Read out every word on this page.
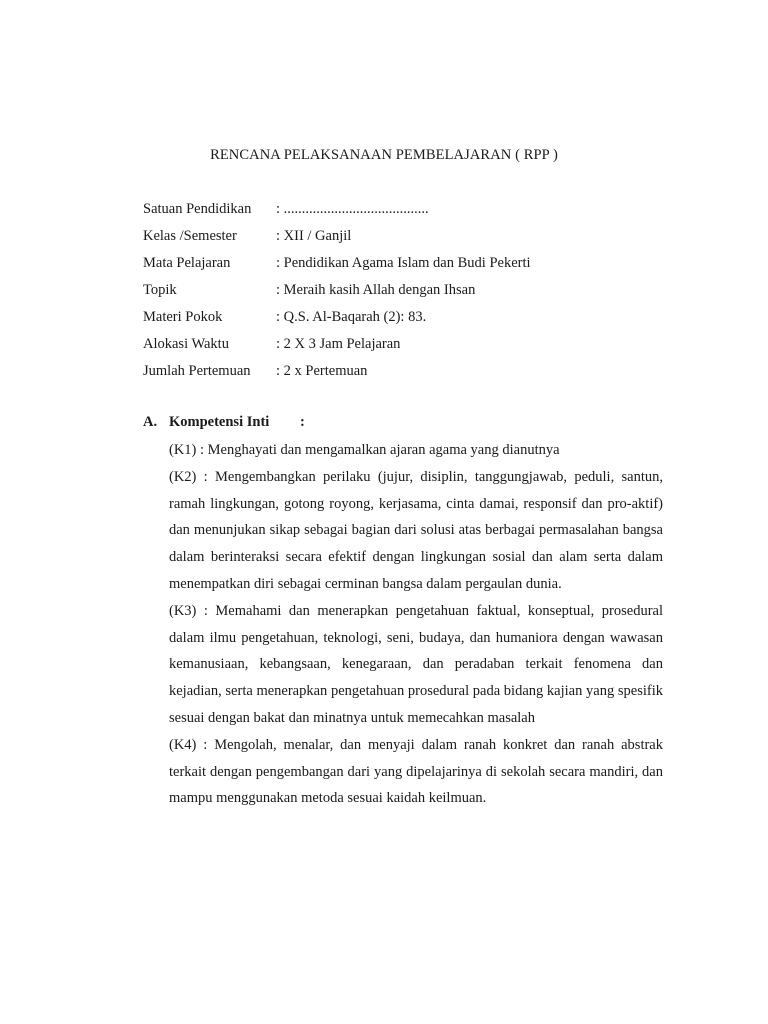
RENCANA PELAKSANAAN PEMBELAJARAN ( RPP )
Satuan Pendidikan	: ........................................
Kelas /Semester	: XII / Ganjil
Mata Pelajaran	: Pendidikan Agama Islam dan Budi Pekerti
Topik	: Meraih kasih Allah dengan Ihsan
Materi Pokok	: Q.S. Al-Baqarah (2): 83.
Alokasi Waktu	: 2 X 3 Jam Pelajaran
Jumlah Pertemuan	: 2 x Pertemuan
A. Kompetensi Inti	:
(K1) : Menghayati dan mengamalkan ajaran agama yang dianutnya
(K2) : Mengembangkan perilaku (jujur, disiplin, tanggungjawab, peduli, santun, ramah lingkungan, gotong royong, kerjasama, cinta damai, responsif dan pro-aktif) dan menunjukan sikap sebagai bagian dari solusi atas berbagai permasalahan bangsa dalam berinteraksi secara efektif dengan lingkungan sosial dan alam serta dalam menempatkan diri sebagai cerminan bangsa dalam pergaulan dunia.
(K3) : Memahami dan menerapkan pengetahuan faktual, konseptual, prosedural dalam ilmu pengetahuan, teknologi, seni, budaya, dan humaniora dengan wawasan kemanusiaan, kebangsaan, kenegaraan, dan peradaban terkait fenomena dan kejadian, serta menerapkan pengetahuan prosedural pada bidang kajian yang spesifik sesuai dengan bakat dan minatnya untuk memecahkan masalah
(K4) : Mengolah, menalar, dan menyaji dalam ranah konkret dan ranah abstrak terkait dengan pengembangan dari yang dipelajarinya di sekolah secara mandiri, dan mampu menggunakan metoda sesuai kaidah keilmuan.
